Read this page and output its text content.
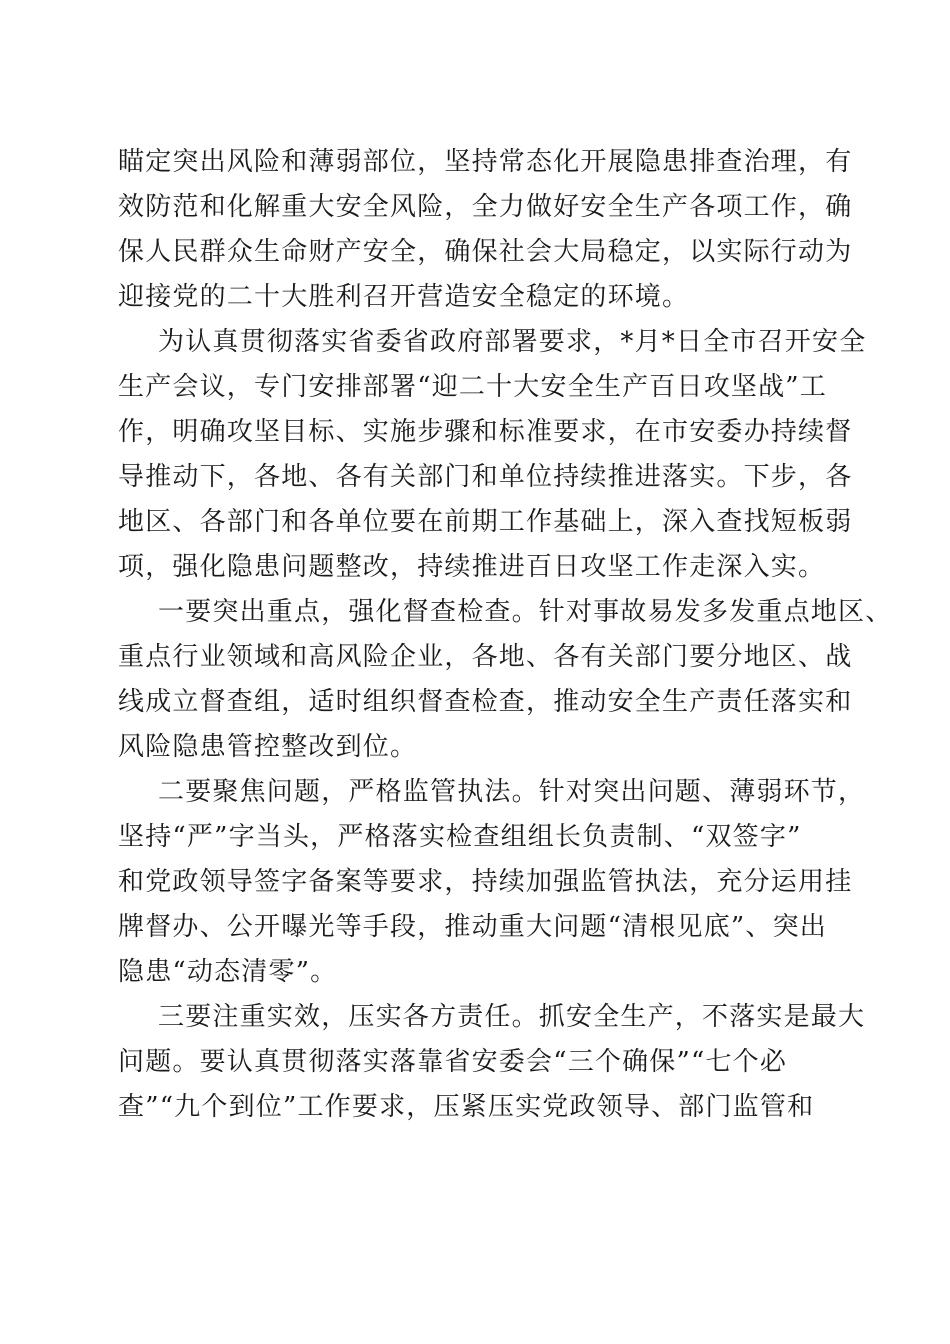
瞄定突出风险和薄弱部位，坚持常态化开展隐患排查治理，有
效防范和化解重大安全风险，全力做好安全生产各项工作，确
保人民群众生命财产安全，确保社会大局稳定，以实际行动为
迎接党的二十大胜利召开营造安全稳定的环境。
为认真贯彻落实省委省政府部署要求，*月*日全市召开安全
生产会议，专门安排部署“迎二十大安全生产百日攻坚战”工
作，明确攻坚目标、实施步骤和标准要求，在市安委办持续督
导推动下，各地、各有关部门和单位持续推进落实。下步，各
地区、各部门和各单位要在前期工作基础上，深入查找短板弱
项，强化隐患问题整改，持续推进百日攻坚工作走深入实。
一要突出重点，强化督查检查。针对事故易发多发重点地区、
重点行业领域和高风险企业，各地、各有关部门要分地区、战
线成立督查组，适时组织督查检查，推动安全生产责任落实和
风险隐患管控整改到位。
二要聚焦问题，严格监管执法。针对突出问题、薄弱环节，
坚持“严”字当头，严格落实检查组组长负责制、“双签字”
和党政领导签字备案等要求，持续加强监管执法，充分运用挂
牌督办、公开曝光等手段，推动重大问题“清根见底”、突出
隐患“动态清零”。
三要注重实效，压实各方责任。抓安全生产，不落实是最大
问题。要认真贯彻落实落靠省安委会“三个确保”“七个必
查”“九个到位”工作要求，压紧压实党政领导、部门监管和
